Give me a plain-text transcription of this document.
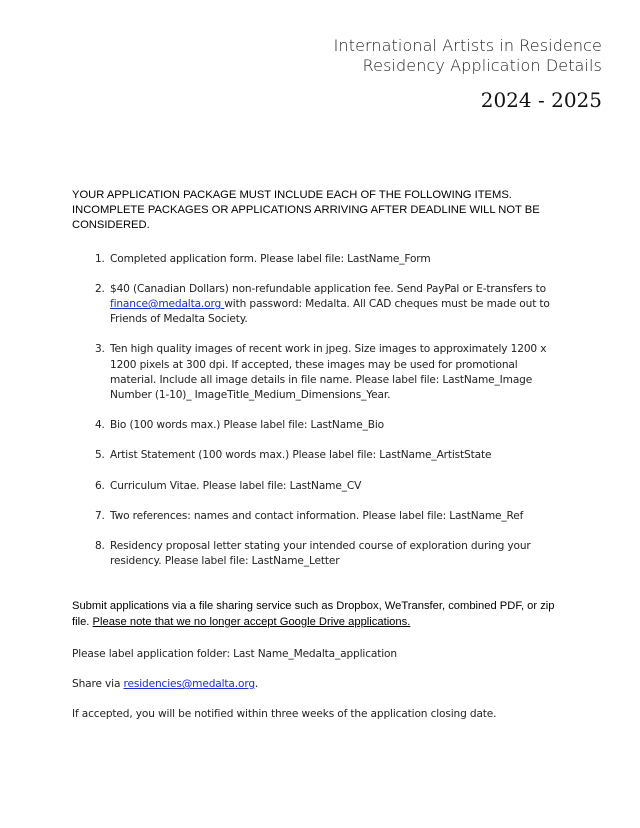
International Artists in Residence
Residency Application Details
2024 - 2025

YOUR APPLICATION PACKAGE MUST INCLUDE EACH OF THE FOLLOWING ITEMS. INCOMPLETE PACKAGES OR APPLICATIONS ARRIVING AFTER DEADLINE WILL NOT BE CONSIDERED.

1. Completed application form. Please label file: LastName_Form
2. $40 (Canadian Dollars) non-refundable application fee. Send PayPal or E-transfers to finance@medalta.org with password: Medalta. All CAD cheques must be made out to Friends of Medalta Society.
3. Ten high quality images of recent work in jpeg. Size images to approximately 1200 x 1200 pixels at 300 dpi. If accepted, these images may be used for promotional material. Include all image details in file name. Please label file: LastName_Image Number (1-10)_ ImageTitle_Medium_Dimensions_Year.
4. Bio (100 words max.) Please label file: LastName_Bio
5. Artist Statement (100 words max.) Please label file: LastName_ArtistState
6. Curriculum Vitae. Please label file: LastName_CV
7. Two references: names and contact information. Please label file: LastName_Ref
8. Residency proposal letter stating your intended course of exploration during your residency. Please label file: LastName_Letter

Submit applications via a file sharing service such as Dropbox, WeTransfer, combined PDF, or zip file. Please note that we no longer accept Google Drive applications.

Please label application folder: Last Name_Medalta_application

Share via residencies@medalta.org.

If accepted, you will be notified within three weeks of the application closing date.
